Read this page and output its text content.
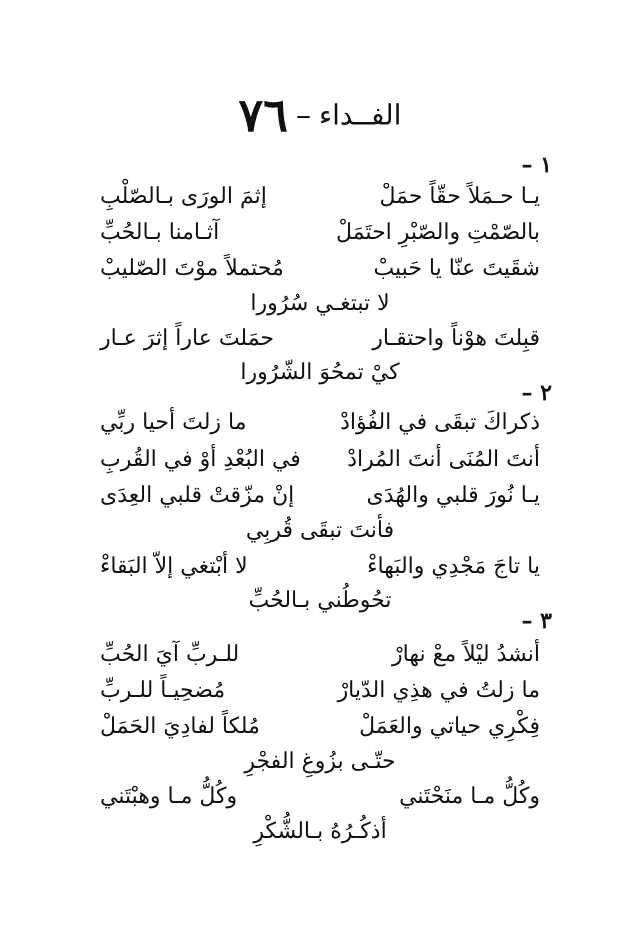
الفــداء–٧٦
١ –
يـا حـمَلاً حقّاً حمَلْ
إثمَ الورَى بـالصّلْبِ
بالصّمْتِ والصّبْرِ احتَمَلْ
آثـامنا بـالحُبِّ
شقَيتَ عنّا يا حَبيبْ
مُحتملاً موْتَ الصّليبْ
لا تبتغـي سُرُورا
قبِلتَ هوْناً واحتقـار
حمَلتَ عاراً إثرَ عـار
كيْ تمحُوَ الشّرُورا
٢ –
ذكراكَ تبقَى في الفُؤادْ
ما زلتَ أحيا ربِّي
أنتَ المُنَى أنتَ المُرادْ
في البُعْدِ أوْ في القُربِ
يـا نُورَ قلبي والهُدَى
إنْ مزّقتْ قلبي العِدَى
فأنتَ تبقَى قُربِي
يا تاجَ مَجْدِي والبَهاءْ
لا أبْتغي إلاّ البَقاءْ
تحُوطُني بـالحُبِّ
٣ –
أنشدُ ليْلاً معْ نهارْ
للـربِّ آيَ الحُبِّ
ما زلتُ في هذِي الدّيارْ
مُضحِيـاً للـربِّ
فِكْرِي حياتي والعَمَلْ
مُلكاً لفادِيَ الحَمَلْ
حتّـى بزُوغِ الفجْرِ
وكُلُّ مـا منَحْتَني
وكُلُّ مـا وهبْتَني
أذكُـرُهُ بـالشُّكْرِ
